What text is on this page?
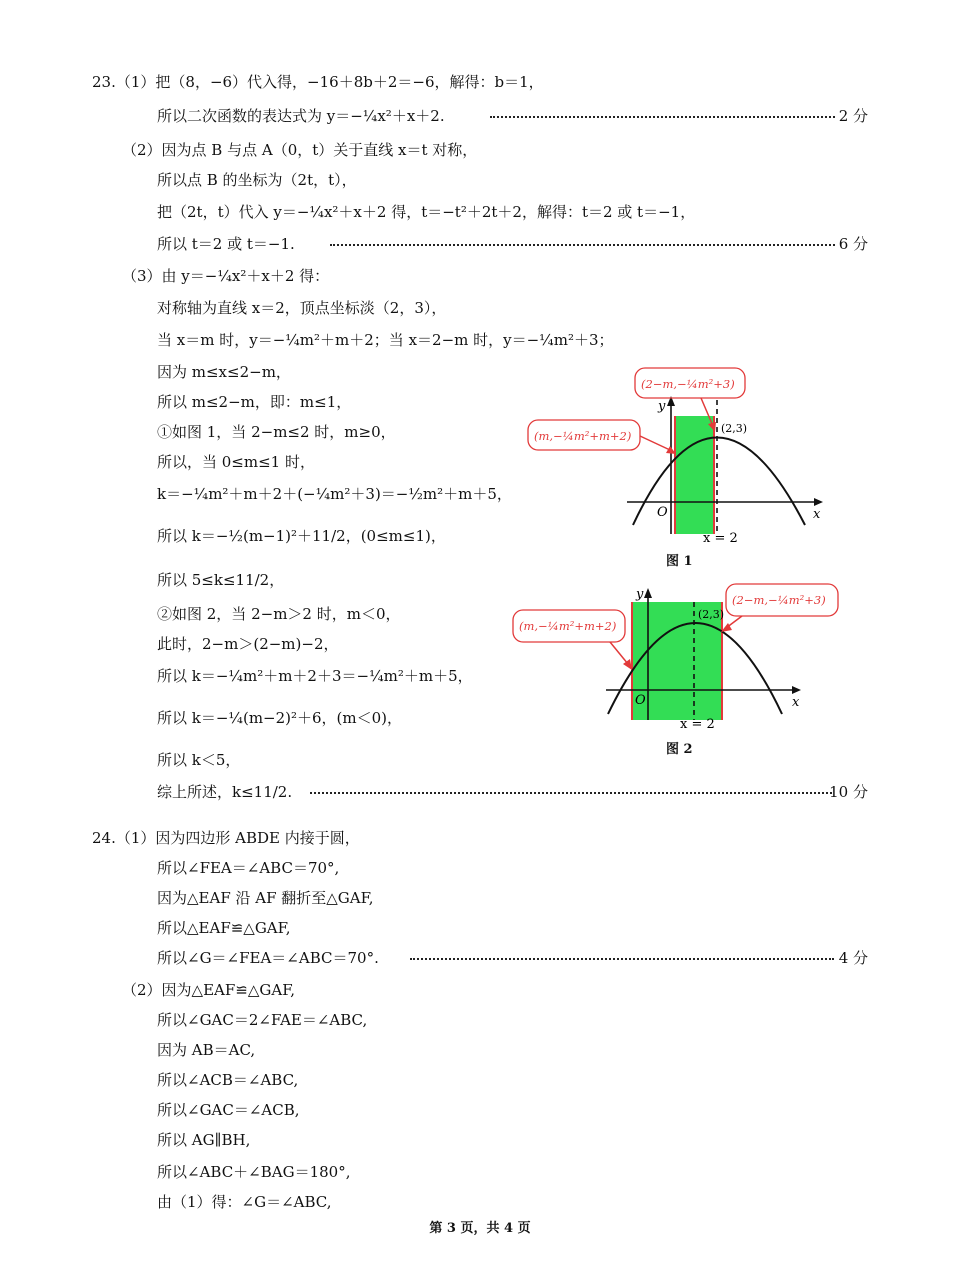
23.（1）把（8，−6）代入得，−16＋8b＋2＝−6，解得：b＝1，
所以二次函数的表达式为 y＝−¼x²＋x＋2.	2 分
（2）因为点 B 与点 A（0，t）关于直线 x＝t 对称，
所以点 B 的坐标为（2t，t），
把（2t，t）代入 y＝−¼x²＋x＋2 得，t＝−t²＋2t＋2，解得：t＝2 或 t＝−1，
所以 t＝2 或 t＝−1.	6 分
（3）由 y＝−¼x²＋x＋2 得：
对称轴为直线 x＝2，顶点坐标淡（2，3），
当 x＝m 时，y＝−¼m²＋m＋2；当 x＝2−m 时，y＝−¼m²＋3；
因为 m≤x≤2−m，
所以 m≤2−m，即：m≤1，
①如图 1，当 2−m≤2 时，m≥0，
所以，当 0≤m≤1 时，
k＝−¼m²＋m＋2＋(−¼m²＋3)＝−½m²＋m＋5，
所以 k＝−½(m−1)²＋11/2，(0≤m≤1)，
所以 5≤k≤11/2，
②如图 2，当 2−m＞2 时，m＜0，
此时，2−m＞(2−m)−2，
所以 k＝−¼m²＋m＋2＋3＝−¼m²＋m＋5，
所以 k＝−¼(m−2)²＋6，(m＜0)，
所以 k＜5，
综上所述，k≤11/2.	10 分
y
x
O
(2,3)
x = 2
(2−m,−¼m²+3)
(m,−¼m²+m+2)
图 1
y
x
O
(2,3)
x = 2
(2−m,−¼m²+3)
(m,−¼m²+m+2)
图 2
24.（1）因为四边形 ABDE 内接于圆，
所以∠FEA＝∠ABC＝70°,
因为△EAF 沿 AF 翻折至△GAF,
所以△EAF≌△GAF,
所以∠G＝∠FEA＝∠ABC＝70°.	4 分
（2）因为△EAF≌△GAF,
所以∠GAC＝2∠FAE＝∠ABC,
因为 AB＝AC,
所以∠ACB＝∠ABC,
所以∠GAC＝∠ACB,
所以 AG∥BH,
所以∠ABC＋∠BAG＝180°,
由（1）得：∠G＝∠ABC,
第 3 页，共 4 页
